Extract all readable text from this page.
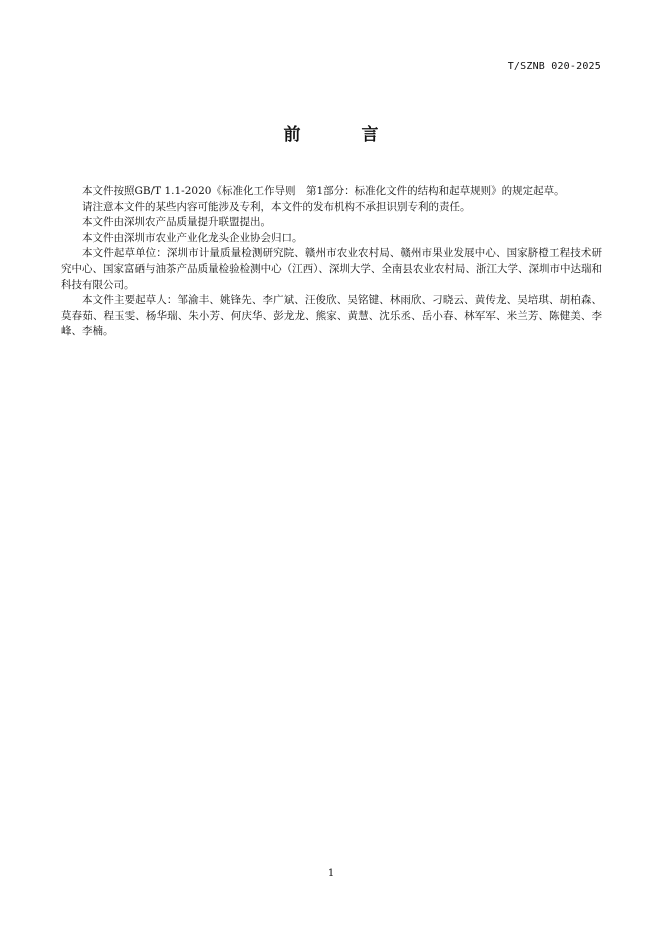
T/SZNB 020-2025
前　言

本文件按照GB/T 1.1-2020《标准化工作导则　第1部分：标准化文件的结构和起草规则》的规定起草。

请注意本文件的某些内容可能涉及专利，本文件的发布机构不承担识别专利的责任。

本文件由深圳农产品质量提升联盟提出。

本文件由深圳市农业产业化龙头企业协会归口。

本文件起草单位：深圳市计量质量检测研究院、赣州市农业农村局、赣州市果业发展中心、国家脐橙工程技术研究中心、国家富硒与油茶产品质量检验检测中心（江西）、深圳大学、全南县农业农村局、浙江大学、深圳市中达瑞和科技有限公司。

本文件主要起草人：邹渝丰、姚锋先、李广斌、汪俊欣、吴铭键、林雨欣、刁晓云、黄传龙、吴培琪、胡柏森、莫春茹、程玉雯、杨华瑞、朱小芳、何庆华、彭龙龙、熊家、黄慧、沈乐丞、岳小春、林军军、米兰芳、陈健美、李峰、李楠。

1
